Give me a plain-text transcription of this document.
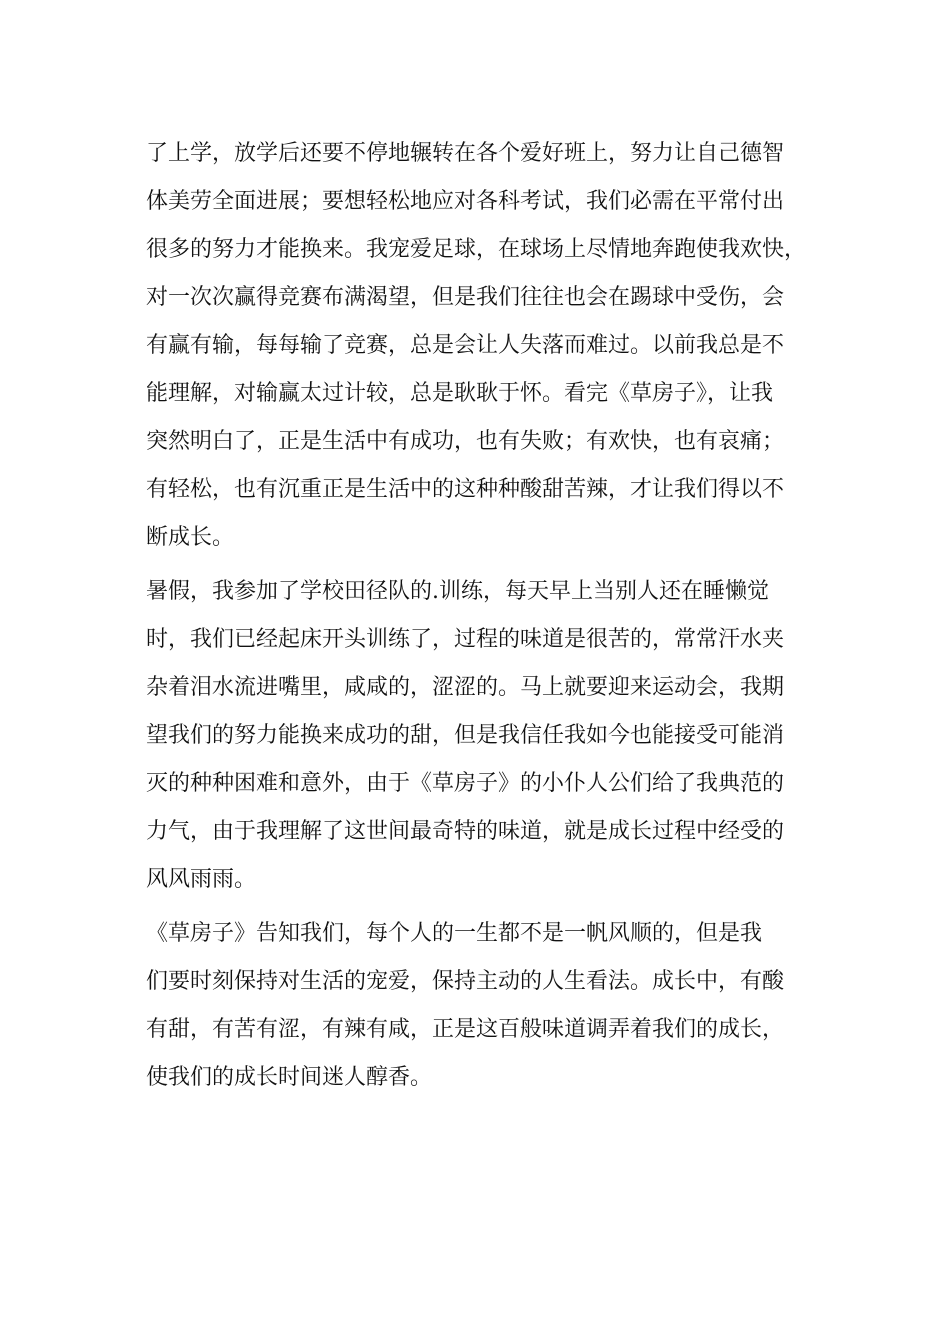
了上学，放学后还要不停地辗转在各个爱好班上，努力让自己德智
体美劳全面进展；要想轻松地应对各科考试，我们必需在平常付出
很多的努力才能换来。我宠爱足球，在球场上尽情地奔跑使我欢快，
对一次次赢得竞赛布满渴望，但是我们往往也会在踢球中受伤，会
有赢有输，每每输了竞赛，总是会让人失落而难过。以前我总是不
能理解，对输赢太过计较，总是耿耿于怀。看完《草房子》，让我
突然明白了，正是生活中有成功，也有失败；有欢快，也有哀痛；
有轻松，也有沉重正是生活中的这种种酸甜苦辣，才让我们得以不
断成长。
暑假，我参加了学校田径队的.训练，每天早上当别人还在睡懒觉
时，我们已经起床开头训练了，过程的味道是很苦的，常常汗水夹
杂着泪水流进嘴里，咸咸的，涩涩的。马上就要迎来运动会，我期
望我们的努力能换来成功的甜，但是我信任我如今也能接受可能消
灭的种种困难和意外，由于《草房子》的小仆人公们给了我典范的
力气，由于我理解了这世间最奇特的味道，就是成长过程中经受的
风风雨雨。
《草房子》告知我们，每个人的一生都不是一帆风顺的，但是我
们要时刻保持对生活的宠爱，保持主动的人生看法。成长中，有酸
有甜，有苦有涩，有辣有咸，正是这百般味道调弄着我们的成长，
使我们的成长时间迷人醇香。
